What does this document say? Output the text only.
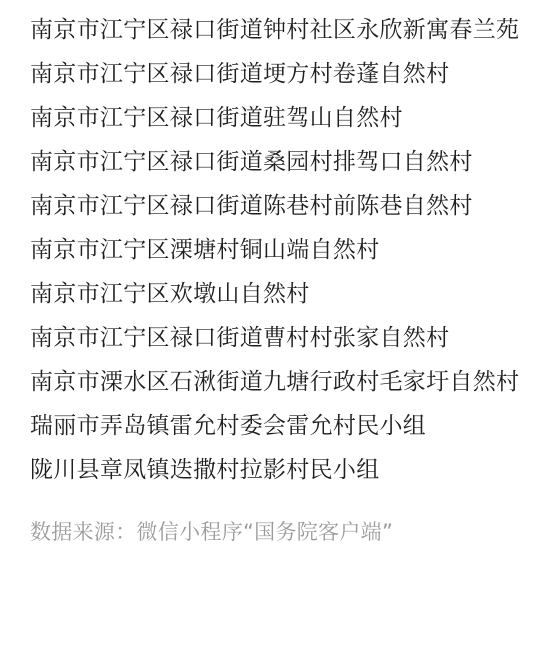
南京市江宁区禄口街道钟村社区永欣新寓春兰苑
南京市江宁区禄口街道埂方村卷蓬自然村
南京市江宁区禄口街道驻驾山自然村
南京市江宁区禄口街道桑园村排驾口自然村
南京市江宁区禄口街道陈巷村前陈巷自然村
南京市江宁区溧塘村铜山端自然村
南京市江宁区欢墩山自然村
南京市江宁区禄口街道曹村村张家自然村
南京市溧水区石湫街道九塘行政村毛家圩自然村
瑞丽市弄岛镇雷允村委会雷允村民小组
陇川县章凤镇迭撒村拉影村民小组
数据来源：微信小程序“国务院客户端”
